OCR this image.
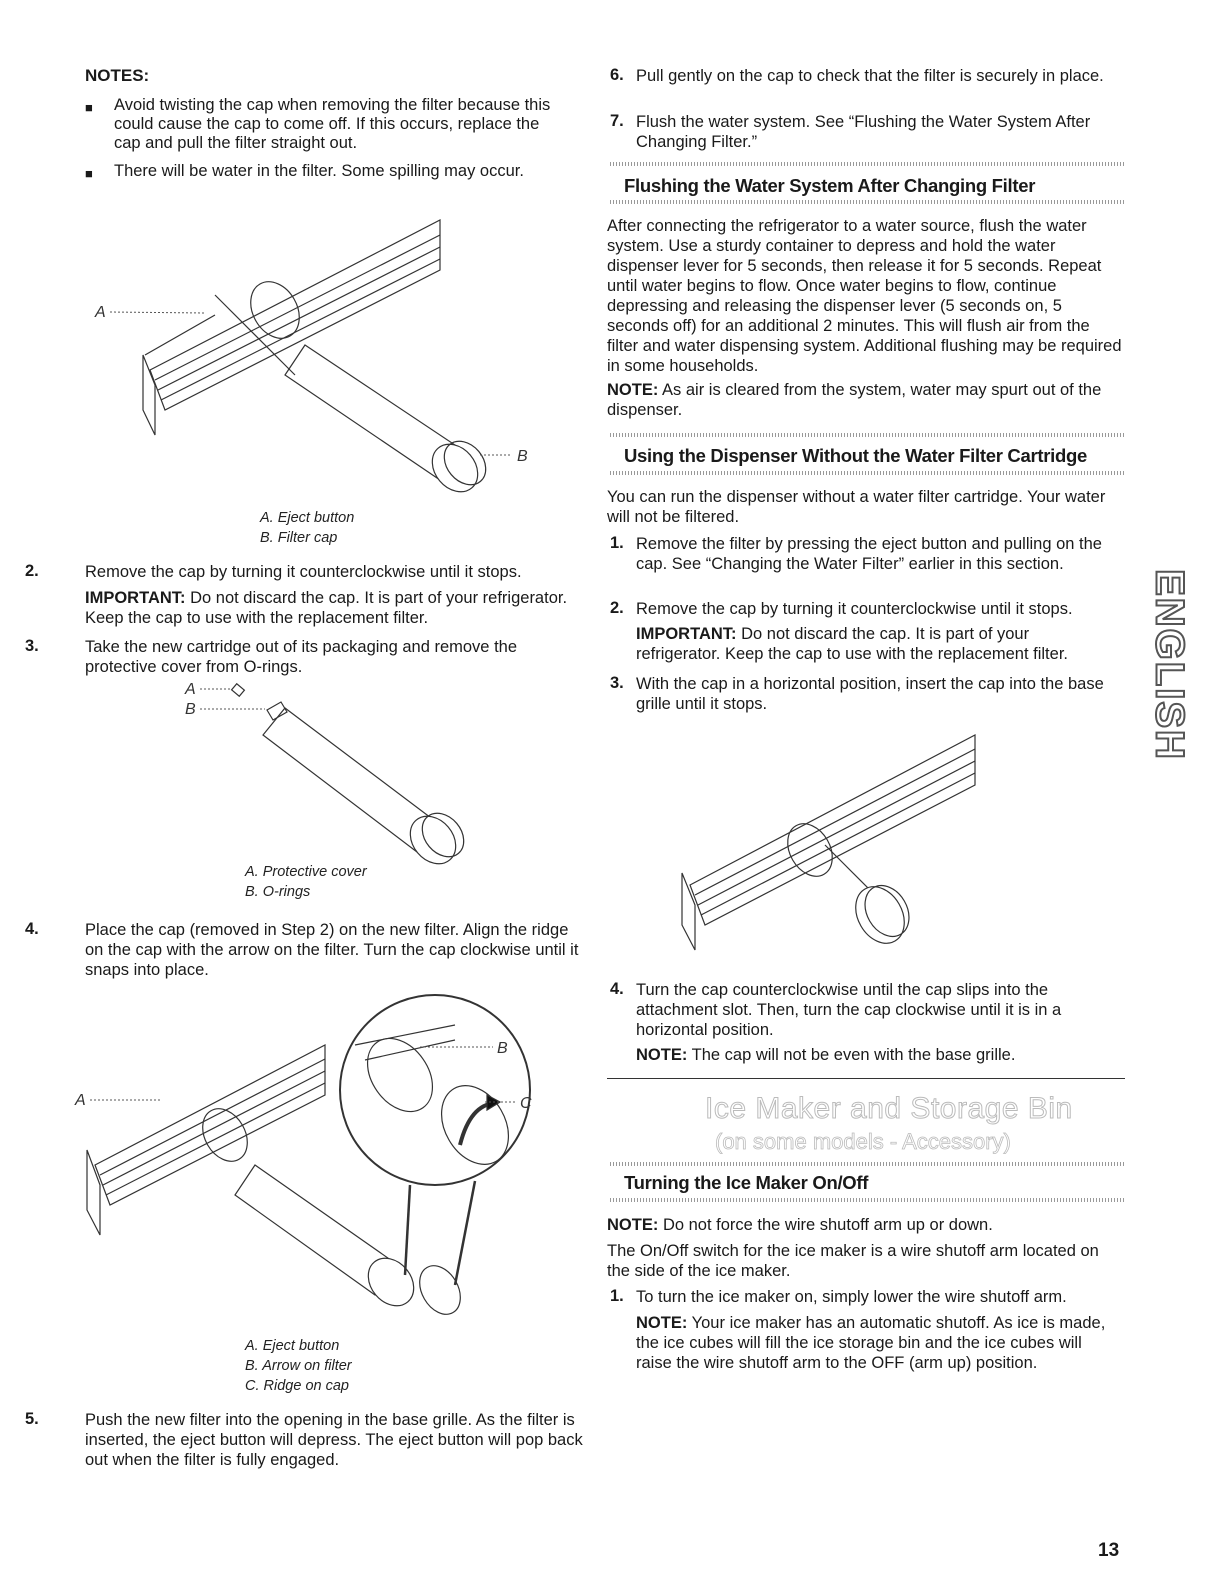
NOTES:
■ Avoid twisting the cap when removing the filter because this could cause the cap to come off. If this occurs, replace the cap and pull the filter straight out.

■ There will be water in the filter. Some spilling may occur.

A
B
A. Eject button
B. Filter cap
2.	Remove the cap by turning it counterclockwise until it stops.

IMPORTANT: Do not discard the cap. It is part of your refrigerator. Keep the cap to use with the replacement filter.

3.	Take the new cartridge out of its packaging and remove the protective cover from O-rings.

A
B
A. Protective cover
B. O-rings
4.	Place the cap (removed in Step 2) on the new filter. Align the ridge on the cap with the arrow on the filter. Turn the cap clockwise until it snaps into place.

A
B
C
A. Eject button
B. Arrow on filter
C. Ridge on cap
5.	Push the new filter into the opening in the base grille. As the filter is inserted, the eject button will depress. The eject button will pop back out when the filter is fully engaged.

6. Pull gently on the cap to check that the filter is securely in place.

7. Flush the water system. See “Flushing the Water System After Changing Filter.”

Flushing the Water System After Changing Filter

After connecting the refrigerator to a water source, flush the water system. Use a sturdy container to depress and hold the water dispenser lever for 5 seconds, then release it for 5 seconds. Repeat until water begins to flow. Once water begins to flow, continue depressing and releasing the dispenser lever (5 seconds on, 5 seconds off) for an additional 2 minutes. This will flush air from the filter and water dispensing system. Additional flushing may be required in some households.

NOTE: As air is cleared from the system, water may spurt out of the dispenser.

Using the Dispenser Without the Water Filter Cartridge

You can run the dispenser without a water filter cartridge. Your water will not be filtered.

1. Remove the filter by pressing the eject button and pulling on the cap. See “Changing the Water Filter” earlier in this section.

2. Remove the cap by turning it counterclockwise until it stops.

IMPORTANT: Do not discard the cap. It is part of your refrigerator. Keep the cap to use with the replacement filter.

3. With the cap in a horizontal position, insert the cap into the base grille until it stops.

4. Turn the cap counterclockwise until the cap slips into the attachment slot. Then, turn the cap clockwise until it is in a horizontal position.

NOTE: The cap will not be even with the base grille.

Ice Maker and Storage Bin
(on some models - Accessory)
Turning the Ice Maker On/Off

NOTE: Do not force the wire shutoff arm up or down.

The On/Off switch for the ice maker is a wire shutoff arm located on the side of the ice maker.

1. To turn the ice maker on, simply lower the wire shutoff arm.

NOTE: Your ice maker has an automatic shutoff. As ice is made, the ice cubes will fill the ice storage bin and the ice cubes will raise the wire shutoff arm to the OFF (arm up) position.

ENGLISH
13
